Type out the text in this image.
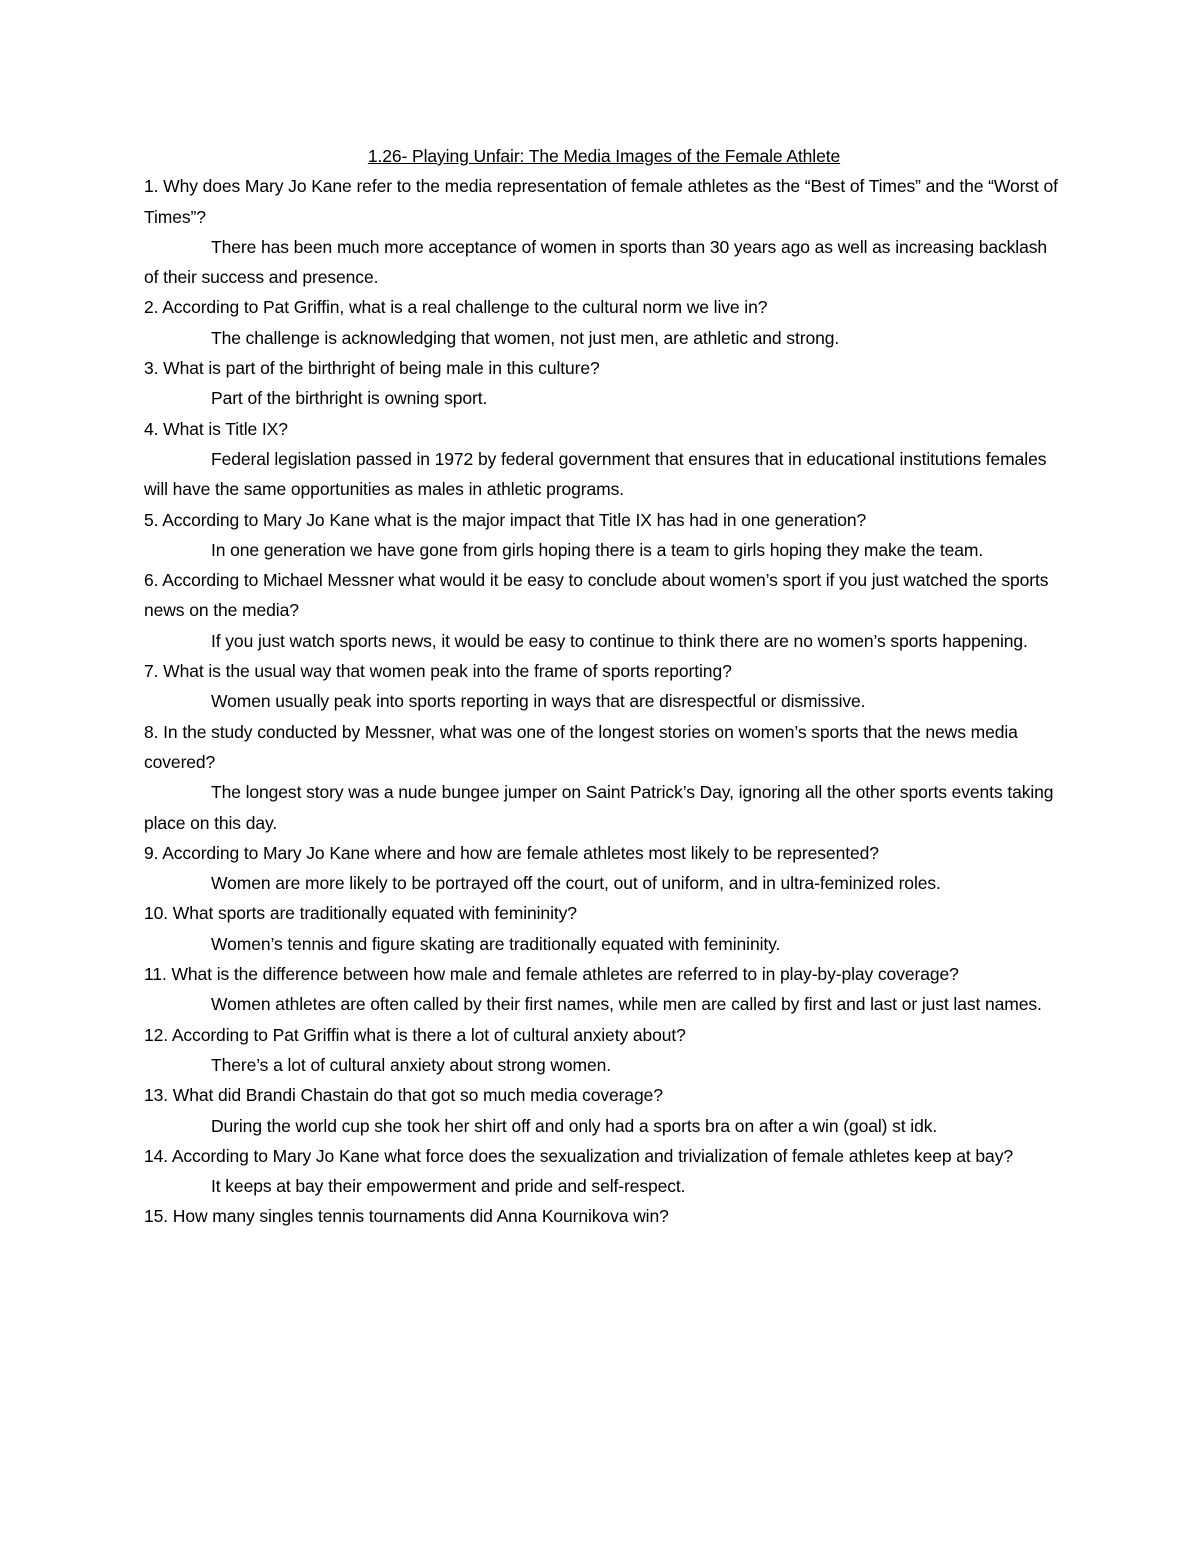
1.26- Playing Unfair: The Media Images of the Female Athlete

1. Why does Mary Jo Kane refer to the media representation of female athletes as the “Best of Times” and the “Worst of Times”?

There has been much more acceptance of women in sports than 30 years ago as well as increasing backlash of their success and presence.

2. According to Pat Griffin, what is a real challenge to the cultural norm we live in?

The challenge is acknowledging that women, not just men, are athletic and strong.

3. What is part of the birthright of being male in this culture?

Part of the birthright is owning sport.

4. What is Title IX?

Federal legislation passed in 1972 by federal government that ensures that in educational institutions females will have the same opportunities as males in athletic programs.

5. According to Mary Jo Kane what is the major impact that Title IX has had in one generation?

In one generation we have gone from girls hoping there is a team to girls hoping they make the team.

6. According to Michael Messner what would it be easy to conclude about women’s sport if you just watched the sports news on the media?

If you just watch sports news, it would be easy to continue to think there are no women’s sports happening.

7. What is the usual way that women peak into the frame of sports reporting?

Women usually peak into sports reporting in ways that are disrespectful or dismissive.

8. In the study conducted by Messner, what was one of the longest stories on women’s sports that the news media covered?

The longest story was a nude bungee jumper on Saint Patrick’s Day, ignoring all the other sports events taking place on this day.

9. According to Mary Jo Kane where and how are female athletes most likely to be represented?

Women are more likely to be portrayed off the court, out of uniform, and in ultra-feminized roles.

10. What sports are traditionally equated with femininity?

Women’s tennis and figure skating are traditionally equated with femininity.

11. What is the difference between how male and female athletes are referred to in play-by-play coverage?

Women athletes are often called by their first names, while men are called by first and last or just last names.

12. According to Pat Griffin what is there a lot of cultural anxiety about?

There’s a lot of cultural anxiety about strong women.

13. What did Brandi Chastain do that got so much media coverage?

During the world cup she took her shirt off and only had a sports bra on after a win (goal) st idk.

14. According to Mary Jo Kane what force does the sexualization and trivialization of female athletes keep at bay?

It keeps at bay their empowerment and pride and self-respect.

15. How many singles tennis tournaments did Anna Kournikova win?
